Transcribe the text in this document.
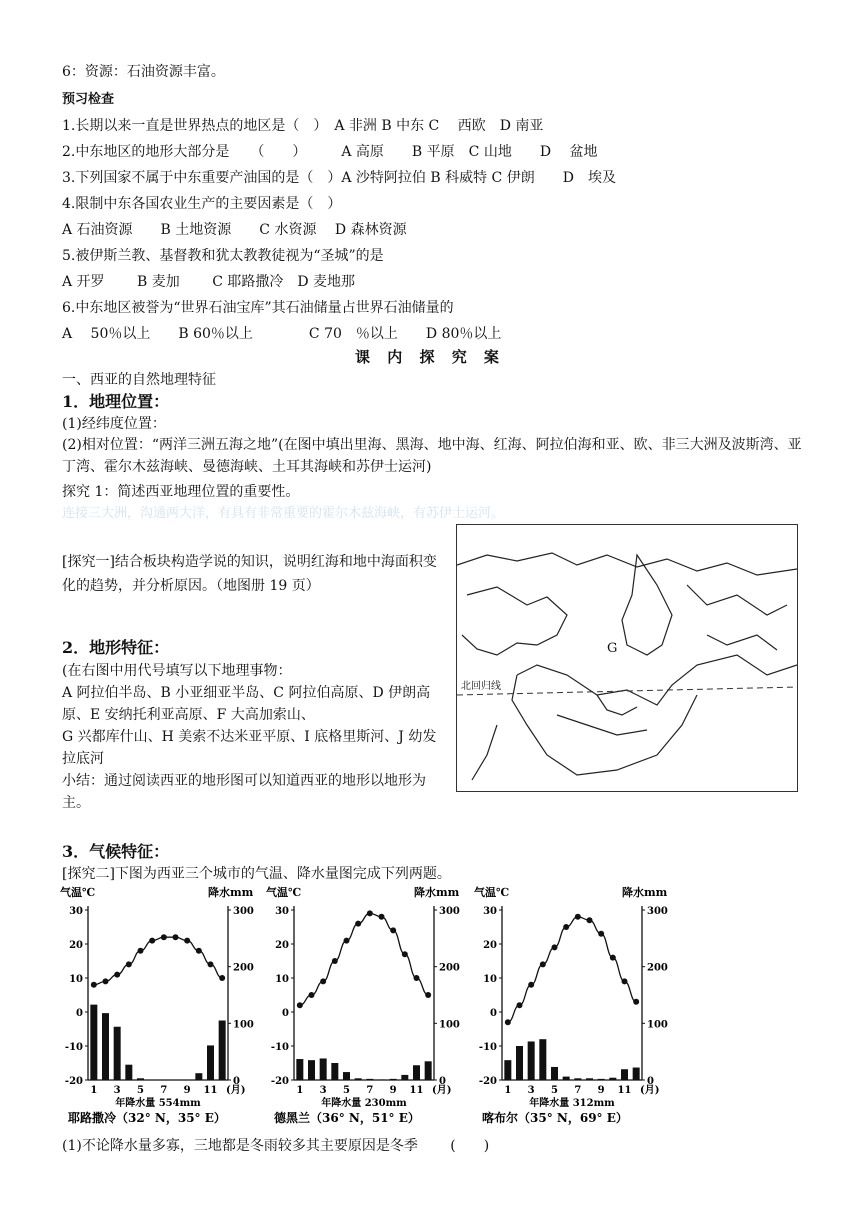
6：资源：石油资源丰富。
预习检查
1.长期以来一直是世界热点的地区是（　）　A 非洲 B 中东 C　 西欧　D 南亚
2.中东地区的地形大部分是　　（　　）　　　A 高原　　B 平原　C 山地　　D　 盆地
3.下列国家不属于中东重要产油国的是（　）A 沙特阿拉伯 B 科威特 C 伊朗　　D　埃及
4.限制中东各国农业生产的主要因素是（　）
A 石油资源　　B 土地资源　　C 水资源　 D 森林资源
5.被伊斯兰教、基督教和犹太教教徒视为“圣城”的是
A 开罗　　 B 麦加　　 C 耶路撒冷　D 麦地那
6.中东地区被誉为“世界石油宝库”其石油储量占世界石油储量的
A　 50％以上　　B 60％以上　　　　C 70　％以上　　D 80％以上
课 内 探 究 案
一、西亚的自然地理特征
1．地理位置：
(1)经纬度位置：
(2)相对位置：“两洋三洲五海之地”(在图中填出里海、黑海、地中海、红海、阿拉伯海和亚、欧、非三大洲及波斯湾、亚丁湾、霍尔木兹海峡、曼德海峡、土耳其海峡和苏伊士运河)
探究 1：简述西亚地理位置的重要性。
连接三大洲，沟通两大洋，有具有非常重要的霍尔木兹海峡，有苏伊士运河。
[探究一]结合板块构造学说的知识，说明红海和地中海面积变化的趋势，并分析原因。（地图册 19 页）
2．地形特征：
(在右图中用代号填写以下地理事物：
A 阿拉伯半岛、B 小亚细亚半岛、C 阿拉伯高原、D 伊朗高原、E 安纳托利亚高原、F 大高加索山、
G 兴都库什山、H 美索不达米亚平原、I 底格里斯河、J 幼发拉底河
小结：通过阅读西亚的地形图可以知道西亚的地形以地形为主。
G
北回归线
3．气候特征：
[探究二]下图为西亚三个城市的气温、降水量图完成下列两题。
气温℃	降水mm
30
20
10
0
-10
-20
300
200
100
0
1 3 5 7 9 11 (月)
年降水量 554mm
耶路撒冷（32° N，35° E）
气温℃	降水mm
30
20
10
0
-10
-20
300
200
100
0
1 3 5 7 9 11 (月)
年降水量 230mm
德黑兰（36° N，51° E）
气温℃	降水mm
30
20
10
0
-10
-20
300
200
100
0
1 3 5 7 9 11 (月)
年降水量 312mm
喀布尔（35° N，69° E）
(1)不论降水量多寡，三地都是冬雨较多其主要原因是冬季　　 (　　)
